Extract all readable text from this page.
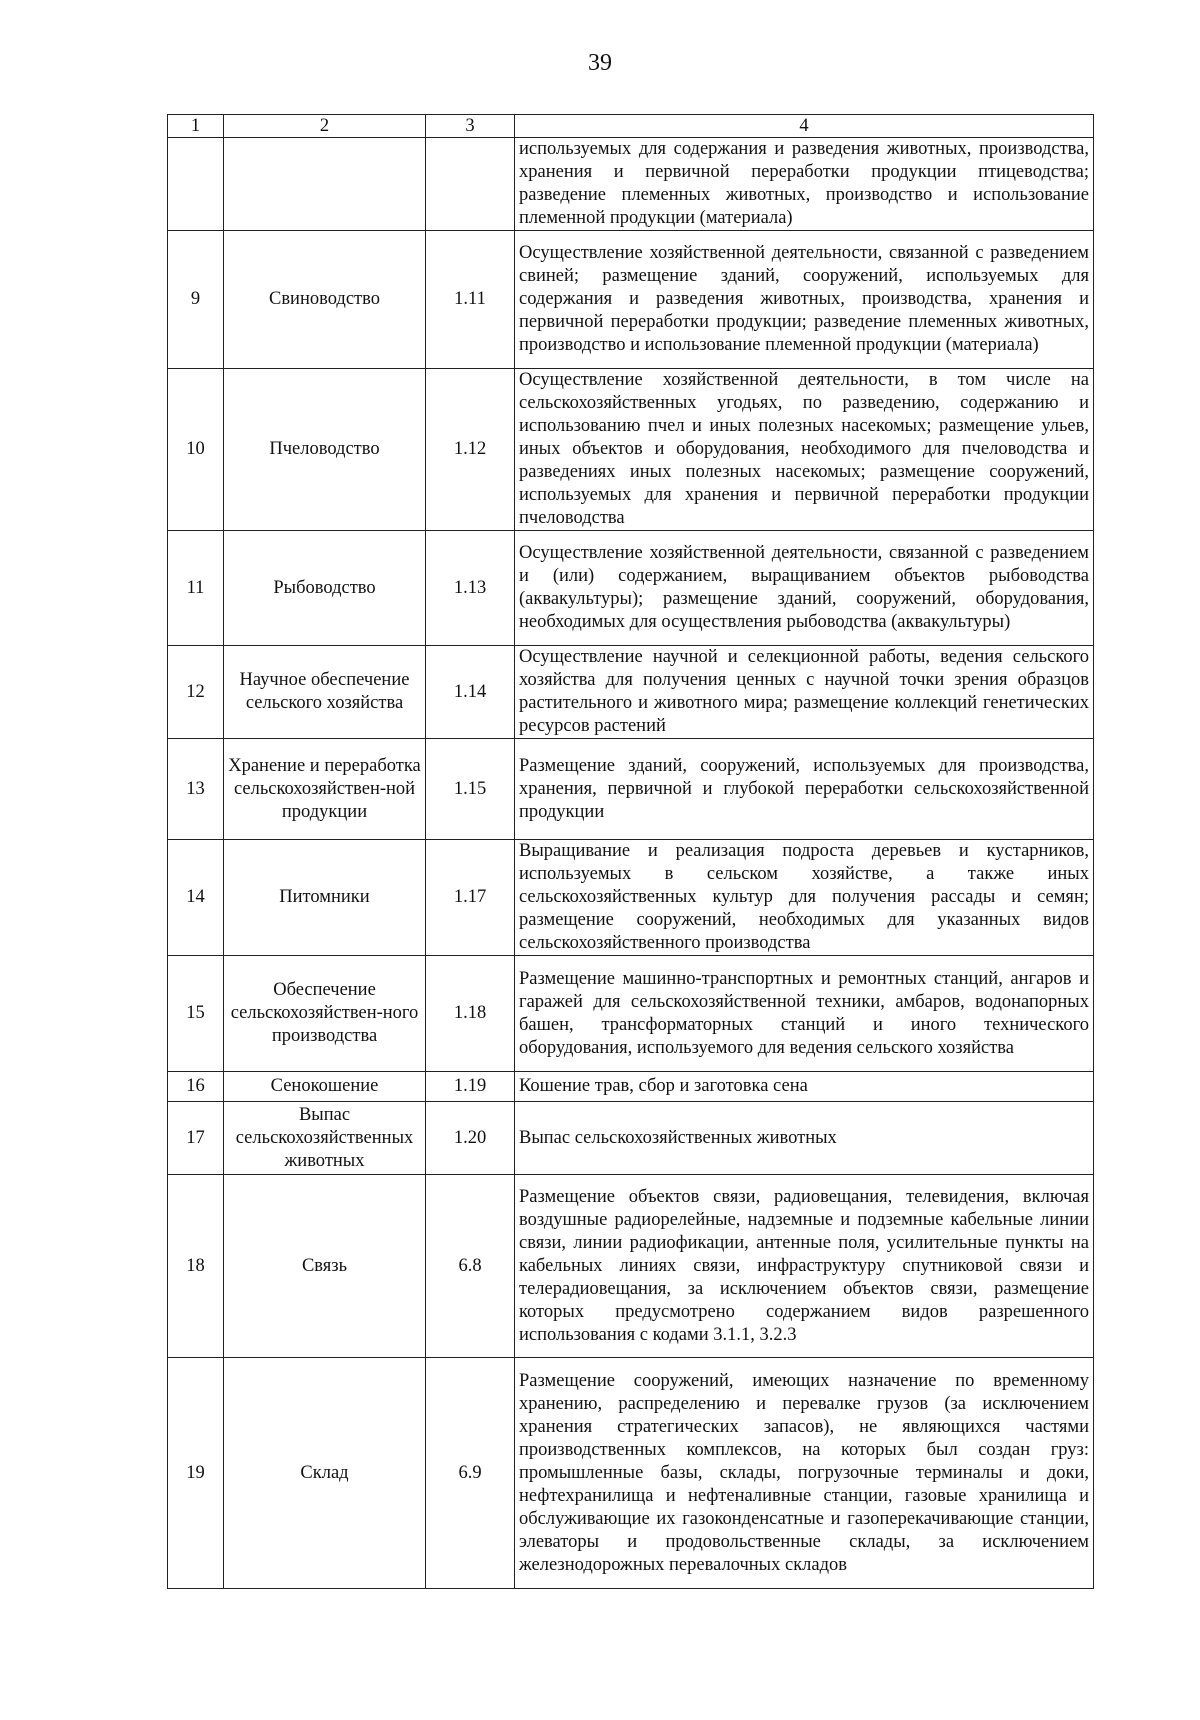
39
1	2	3	4
			используемых для содержания и разведения животных, производства, хранения и первичной переработки продукции птицеводства; разведение племенных животных, производство и использование племенной продукции (материала)
9	Свиноводство	1.11	Осуществление хозяйственной деятельности, связанной с разведением свиней; размещение зданий, сооружений, используемых для содержания и разведения животных, производства, хранения и первичной переработки продукции; разведение племенных животных, производство и использование племенной продукции (материала)
10	Пчеловодство	1.12	Осуществление хозяйственной деятельности, в том числе на сельскохозяйственных угодьях, по разведению, содержанию и использованию пчел и иных полезных насекомых; размещение ульев, иных объектов и оборудования, необходимого для пчеловодства и разведениях иных полезных насекомых; размещение сооружений, используемых для хранения и первичной переработки продукции пчеловодства
11	Рыбоводство	1.13	Осуществление хозяйственной деятельности, связанной с разведением и (или) содержанием, выращиванием объектов рыбоводства (аквакультуры); размещение зданий, сооружений, оборудования, необходимых для осуществления рыбоводства (аквакультуры)
12	Научное обеспечение сельского хозяйства	1.14	Осуществление научной и селекционной работы, ведения сельского хозяйства для получения ценных с научной точки зрения образцов растительного и животного мира; размещение коллекций генетических ресурсов растений
13	Хранение и переработка сельскохозяйствен-ной продукции	1.15	Размещение зданий, сооружений, используемых для производства, хранения, первичной и глубокой переработки сельскохозяйственной продукции
14	Питомники	1.17	Выращивание и реализация подроста деревьев и кустарников, используемых в сельском хозяйстве, а также иных сельскохозяйственных культур для получения рассады и семян; размещение сооружений, необходимых для указанных видов сельскохозяйственного производства
15	Обеспечение сельскохозяйствен-ного производства	1.18	Размещение машинно-транспортных и ремонтных станций, ангаров и гаражей для сельскохозяйственной техники, амбаров, водонапорных башен, трансформаторных станций и иного технического оборудования, используемого для ведения сельского хозяйства
16	Сенокошение	1.19	Кошение трав, сбор и заготовка сена
17	Выпас сельскохозяйственных животных	1.20	Выпас сельскохозяйственных животных
18	Связь	6.8	Размещение объектов связи, радиовещания, телевидения, включая воздушные радиорелейные, надземные и подземные кабельные линии связи, линии радиофикации, антенные поля, усилительные пункты на кабельных линиях связи, инфраструктуру спутниковой связи и телерадиовещания, за исключением объектов связи, размещение которых предусмотрено содержанием видов разрешенного использования с кодами 3.1.1, 3.2.3
19	Склад	6.9	Размещение сооружений, имеющих назначение по временному хранению, распределению и перевалке грузов (за исключением хранения стратегических запасов), не являющихся частями производственных комплексов, на которых был создан груз: промышленные базы, склады, погрузочные терминалы и доки, нефтехранилища и нефтеналивные станции, газовые хранилища и обслуживающие их газоконденсатные и газоперекачивающие станции, элеваторы и продовольственные склады, за исключением железнодорожных перевалочных складов
